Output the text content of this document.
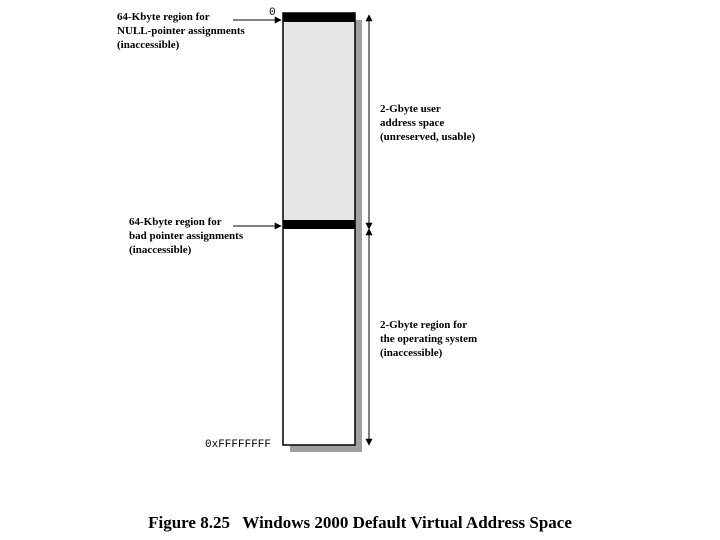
0
0xFFFFFFFF
64-Kbyte region for
NULL-pointer assignments
(inaccessible)
2-Gbyte user
address space
(unreserved, usable)
64-Kbyte region for
bad pointer assignments
(inaccessible)
2-Gbyte region for
the operating system
(inaccessible)
Figure 8.25   Windows 2000 Default Virtual Address Space
